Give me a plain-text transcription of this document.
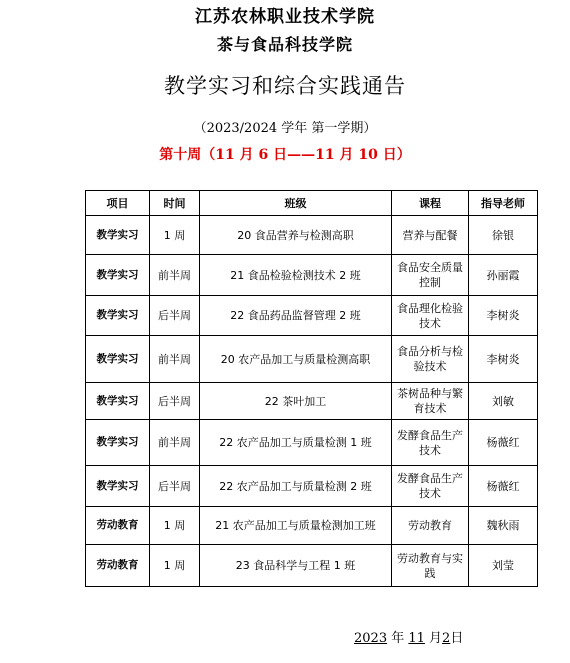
江苏农林职业技术学院
茶与食品科技学院
教学实习和综合实践通告
（2023/2024 学年 第一学期）
第十周（11 月 6 日——11 月 10 日）
项目	时间	班级	课程	指导老师
教学实习	1 周	20 食品营养与检测高职	营养与配餐	徐银
教学实习	前半周	21 食品检验检测技术 2 班	食品安全质量控制	孙丽霞
教学实习	后半周	22 食品药品监督管理 2 班	食品理化检验技术	李树炎
教学实习	前半周	20 农产品加工与质量检测高职	食品分析与检验技术	李树炎
教学实习	后半周	22 茶叶加工	茶树品种与繁育技术	刘敏
教学实习	前半周	22 农产品加工与质量检测 1 班	发酵食品生产技术	杨薇红
教学实习	后半周	22 农产品加工与质量检测 2 班	发酵食品生产技术	杨薇红
劳动教育	1 周	21 农产品加工与质量检测加工班	劳动教育	魏秋雨
劳动教育	1 周	23 食品科学与工程 1 班	劳动教育与实践	刘莹
2023 年 11 月2日
